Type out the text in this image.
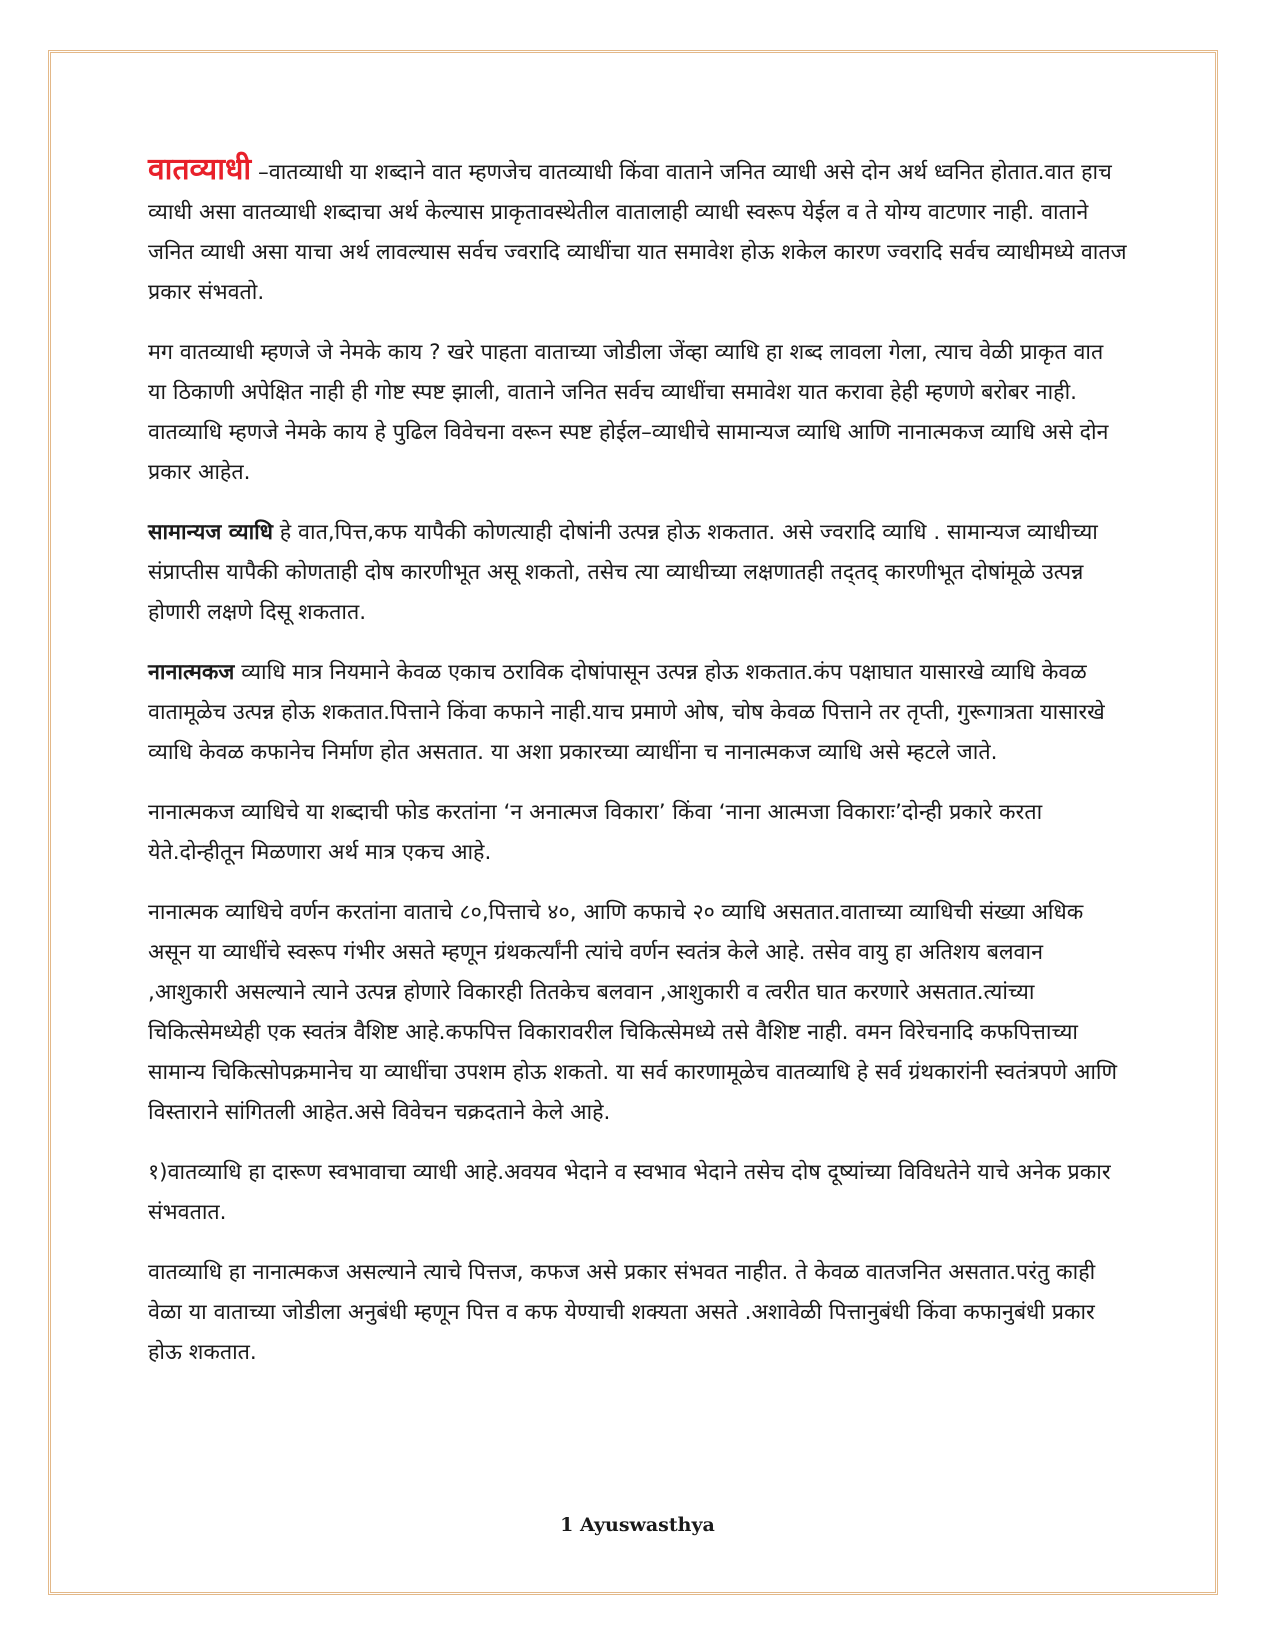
वातव्याधी –वातव्याधी या शब्दाने वात म्हणजेच वातव्याधी किंवा वाताने जनित व्याधी असे दोन अर्थ ध्वनित होतात.वात हाच व्याधी असा वातव्याधी शब्दाचा अर्थ केल्यास प्राकृतावस्थेतील वातालाही व्याधी स्वरूप येईल व ते योग्य वाटणार नाही. वाताने जनित व्याधी असा याचा अर्थ लावल्यास सर्वच ज्वरादि व्याधींचा यात समावेश होऊ शकेल कारण ज्वरादि सर्वच व्याधीमध्ये वातज प्रकार संभवतो.

मग वातव्याधी म्हणजे जे नेमके काय ? खरे पाहता वाताच्या जोडीला जेंव्हा व्याधि हा शब्द लावला गेला, त्याच वेळी प्राकृत वात या ठिकाणी अपेक्षित नाही ही गोष्ट स्पष्ट झाली, वाताने जनित सर्वच व्याधींचा समावेश यात करावा हेही म्हणणे बरोबर नाही. वातव्याधि म्हणजे नेमके काय हे पुढिल विवेचना वरून स्पष्ट होईल–व्याधीचे सामान्यज व्याधि आणि नानात्मकज व्याधि असे दोन प्रकार आहेत.

सामान्यज व्याधि हे वात,पित्त,कफ यापैकी कोणत्याही दोषांनी उत्पन्न होऊ शकतात. असे ज्वरादि व्याधि . सामान्यज व्याधीच्या संप्राप्तीस यापैकी कोणताही दोष कारणीभूत असू शकतो, तसेच त्या व्याधीच्या लक्षणातही तद्‌तद्‌ कारणीभूत दोषांमूळे उत्पन्न होणारी लक्षणे दिसू शकतात.

नानात्मकज व्याधि मात्र नियमाने केवळ एकाच ठराविक दोषांपासून उत्पन्न होऊ शकतात.कंप पक्षाघात यासारखे व्याधि केवळ वातामूळेच उत्पन्न होऊ शकतात.पित्ताने किंवा कफाने नाही.याच प्रमाणे ओष, चोष केवळ पित्ताने तर तृप्ती, गुरूगात्रता यासारखे व्याधि केवळ कफानेच निर्माण होत असतात. या अशा प्रकारच्या व्याधींना च नानात्मकज व्याधि असे म्हटले जाते.

नानात्मकज व्याधिचे या शब्दाची फोड करतांना ‘न अनात्मज विकारा’ किंवा ‘नाना आत्मजा विकाराः’दोन्ही प्रकारे करता येते.दोन्हीतून मिळणारा अर्थ मात्र एकच आहे.

नानात्मक व्याधिचे वर्णन करतांना वाताचे ८०,पित्ताचे ४०, आणि कफाचे २० व्याधि असतात.वाताच्या व्याधिची संख्या अधिक असून या व्याधींचे स्वरूप गंभीर असते म्हणून ग्रंथकर्त्यांनी त्यांचे वर्णन स्वतंत्र केले आहे. तसेव वायु हा अतिशय बलवान ,आशुकारी असल्याने त्याने उत्पन्न होणारे विकारही तितकेच बलवान ,आशुकारी व त्वरीत घात करणारे असतात.त्यांच्या चिकित्सेमध्येही एक स्वतंत्र वैशिष्ट आहे.कफपित्त विकारावरील चिकित्सेमध्ये तसे वैशिष्ट नाही. वमन विरेचनादि कफपित्ताच्या सामान्य चिकित्सोपक्रमानेच या व्याधींचा उपशम होऊ शकतो. या सर्व कारणामूळेच वातव्याधि हे सर्व ग्रंथकारांनी स्वतंत्रपणे आणि विस्ताराने सांगितली आहेत.असे विवेचन चक्रदताने केले आहे.

१)वातव्याधि हा दारूण स्वभावाचा व्याधी आहे.अवयव भेदाने व स्वभाव भेदाने तसेच दोष दूष्यांच्या विविधतेने याचे अनेक प्रकार संभवतात.

वातव्याधि हा नानात्मकज असल्याने त्याचे पित्तज, कफज असे प्रकार संभवत नाहीत. ते केवळ वातजनित असतात.परंतु काही वेळा या वाताच्या जोडीला अनुबंधी म्हणून पित्त व कफ येण्याची शक्यता असते .अशावेळी पित्तानुबंधी किंवा कफानुबंधी प्रकार होऊ शकतात.

1 Ayuswasthya
